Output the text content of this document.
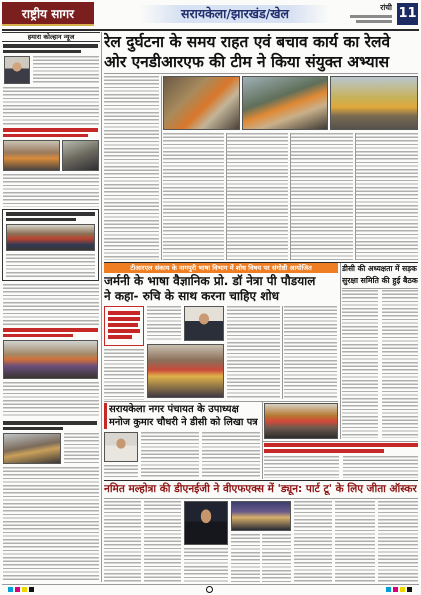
राष्ट्रीय सागर	सरायकेला/झारखंड/खेल	रांची 11
हमारा कोल्हान न्यूज	रेल दुर्घटना के समय राहत एवं बचाव कार्य का रेलवे
ओर एनडीआरएफ की टीम ने किया संयुक्त अभ्यास
टीआरएल संकाय के नागपुरी भाषा विभाग में शोध विषय पर संगोष्ठी आयोजित
जर्मनी के भाषा वैज्ञानिक प्रो. डॉ नेत्रा पी पौडयाल
ने कहा- रुचि के साथ करना चाहिए शोध
डीसी की अध्यक्षता में सड़क
सुरक्षा समिति की हुई बैठक
सरायकेला नगर पंचायत के उपाध्यक्ष
मनोज कुमार चौधरी ने डीसी को लिखा पत्र
नमित मल्होत्रा की डीएनईजी ने वीएफएक्स में 'ड्यून: पार्ट टू' के लिए जीता ऑस्कर
